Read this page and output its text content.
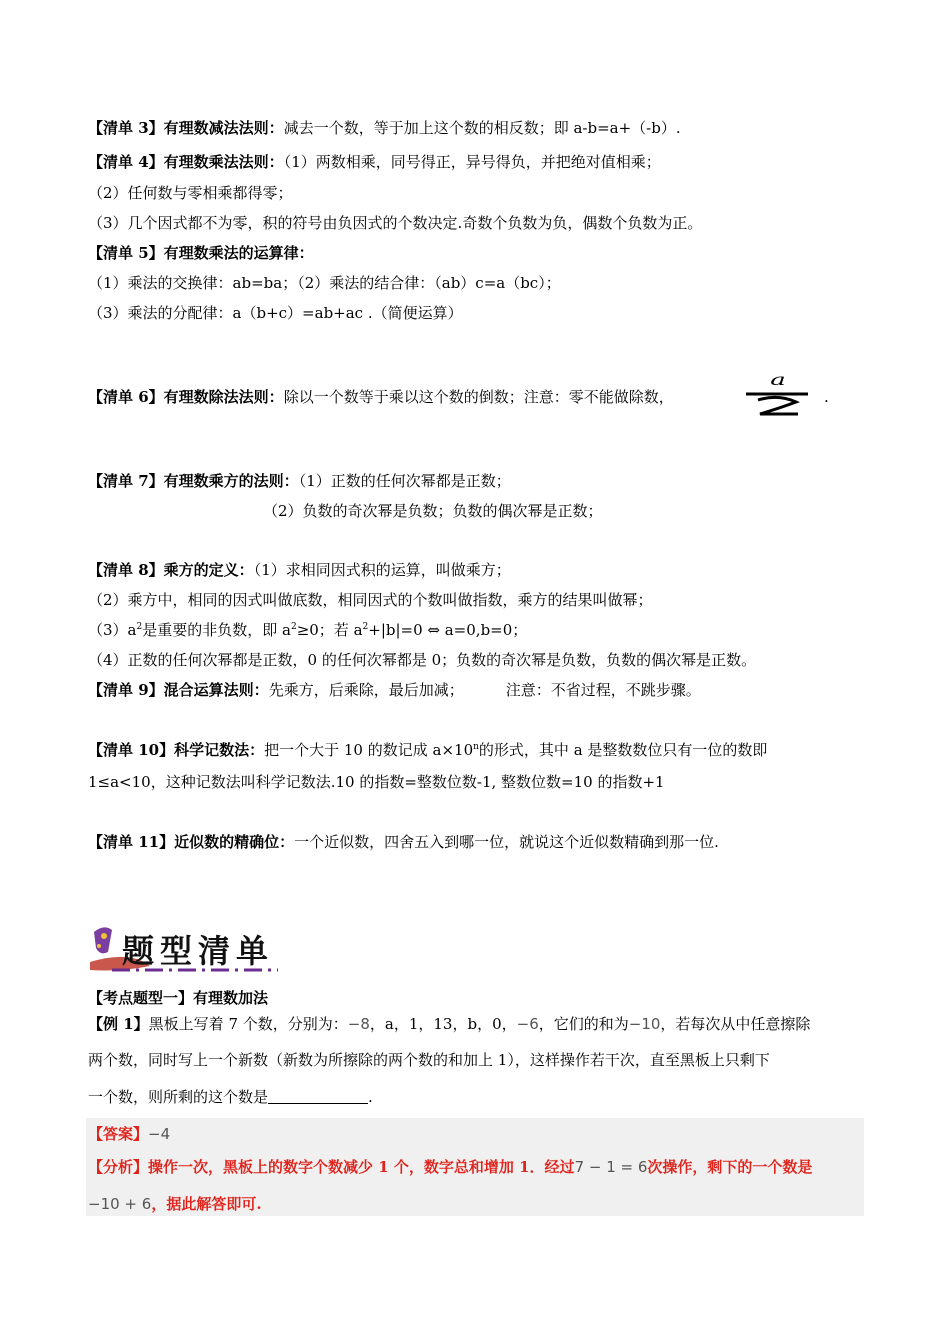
【清单 3】有理数减法法则：减去一个数，等于加上这个数的相反数；即 a-b=a+（-b）.
【清单 4】有理数乘法法则：（1）两数相乘，同号得正，异号得负，并把绝对值相乘；
（2）任何数与零相乘都得零；
（3）几个因式都不为零，积的符号由负因式的个数决定.奇数个负数为负，偶数个负数为正。
【清单 5】有理数乘法的运算律：
（1）乘法的交换律：ab=ba；（2）乘法的结合律：（ab）c=a（bc）；
（3）乘法的分配律：a（b+c）=ab+ac .（简便运算）
【清单 6】有理数除法法则：除以一个数等于乘以这个数的倒数；注意：零不能做除数，
a
.
【清单 7】有理数乘方的法则：（1）正数的任何次幂都是正数；
（2）负数的奇次幂是负数；负数的偶次幂是正数；
【清单 8】乘方的定义：（1）求相同因式积的运算，叫做乘方；
（2）乘方中，相同的因式叫做底数，相同因式的个数叫做指数，乘方的结果叫做幂；
$(3)a^2$是重要的非负数，即 $a^2\ge 0$；若 $a^2+|b|=0$ ⇔ a=0,b=0；
（4）正数的任何次幂都是正数，0 的任何次幂都是 0；负数的奇次幂是负数，负数的偶次幂是正数。
【清单 9】混合运算法则：先乘方，后乘除，最后加减；	注意：不省过程，不跳步骤。
【清单 10】科学记数法：把一个大于 10 的数记成 $a\times 10^n$的形式，其中 a 是整数数位只有一位的数即
1≤a<10，这种记数法叫科学记数法.10 的指数=整数位数-1, 整数位数=10 的指数+1
【清单 11】近似数的精确位：一个近似数，四舍五入到哪一位，就说这个近似数精确到那一位.
题型清单
【考点题型一】有理数加法
【例 1】黑板上写着 7 个数，分别为：−8，a，1，13，b，0，−6，它们的和为−10，若每次从中任意擦除
两个数，同时写上一个新数（新数为所擦除的两个数的和加上 1），这样操作若干次，直至黑板上只剩下
一个数，则所剩的这个数是	.
【答案】−4
【分析】操作一次，黑板上的数字个数减少 1 个，数字总和增加 1．经过7 − 1 = 6次操作，剩下的一个数是
−10 + 6，据此解答即可.
